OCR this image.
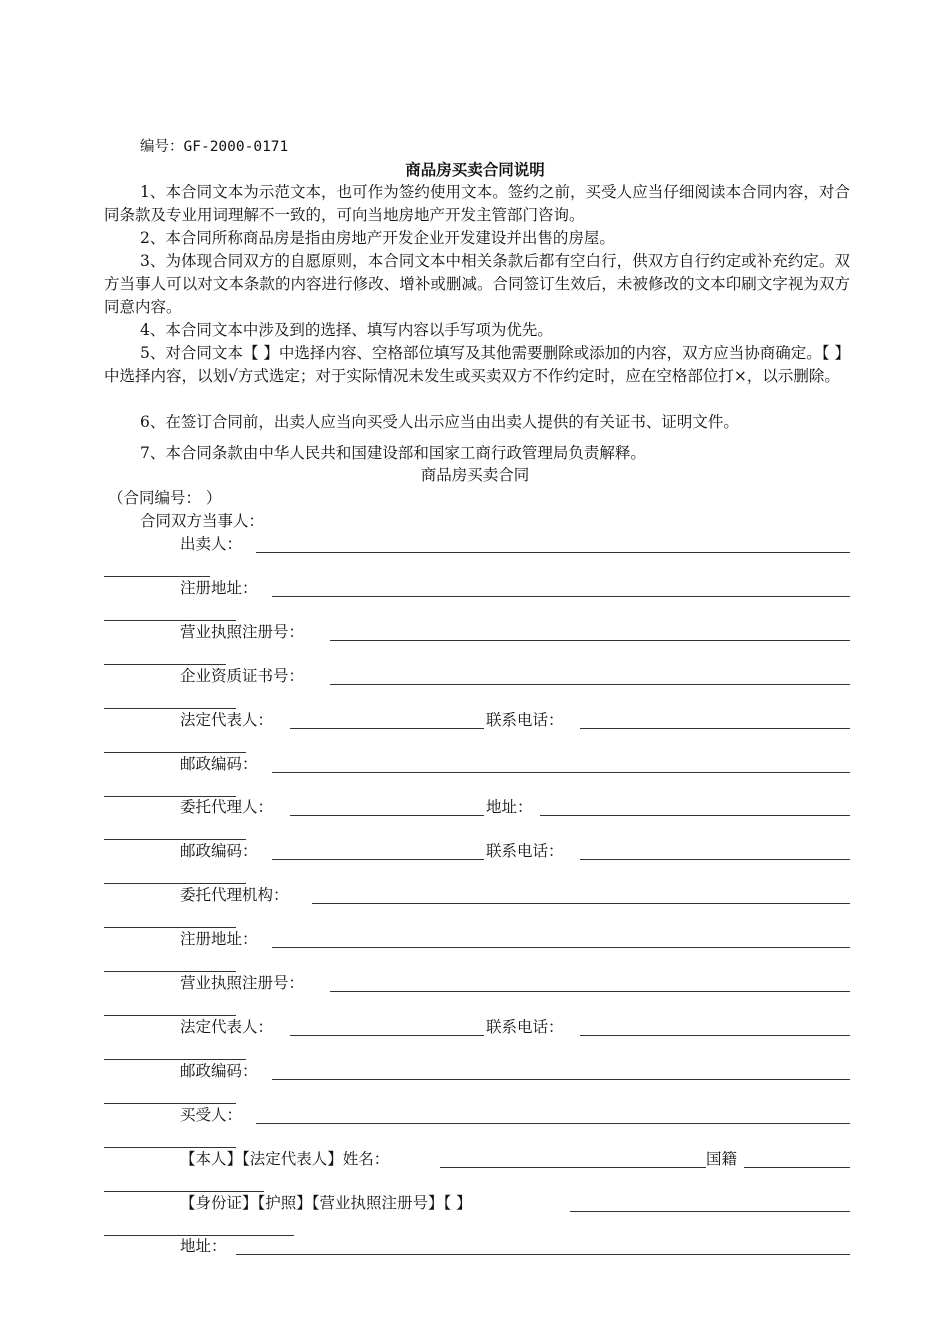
编号：GF-2000-0171
商品房买卖合同说明
1、本合同文本为示范文本，也可作为签约使用文本。签约之前，买受人应当仔细阅读本合同内容，对合同条款及专业用词理解不一致的，可向当地房地产开发主管部门咨询。
2、本合同所称商品房是指由房地产开发企业开发建设并出售的房屋。
3、为体现合同双方的自愿原则，本合同文本中相关条款后都有空白行，供双方自行约定或补充约定。双方当事人可以对文本条款的内容进行修改、增补或删减。合同签订生效后，未被修改的文本印刷文字视为双方同意内容。
4、本合同文本中涉及到的选择、填写内容以手写项为优先。
5、对合同文本【 】中选择内容、空格部位填写及其他需要删除或添加的内容，双方应当协商确定。【 】中选择内容，以划√方式选定；对于实际情况未发生或买卖双方不作约定时，应在空格部位打×，以示删除。
6、在签订合同前，出卖人应当向买受人出示应当由出卖人提供的有关证书、证明文件。
7、本合同条款由中华人民共和国建设部和国家工商行政管理局负责解释。
商品房买卖合同
（合同编号： ）
合同双方当事人：
出卖人：
注册地址：
营业执照注册号：
企业资质证书号：
法定代表人：	联系电话：
邮政编码：
委托代理人：	地址：
邮政编码：	联系电话：
委托代理机构：
注册地址：
营业执照注册号：
法定代表人：	联系电话：
邮政编码：
买受人：
【本人】【法定代表人】姓名：	国籍
【身份证】【护照】【营业执照注册号】【 】
地址：
